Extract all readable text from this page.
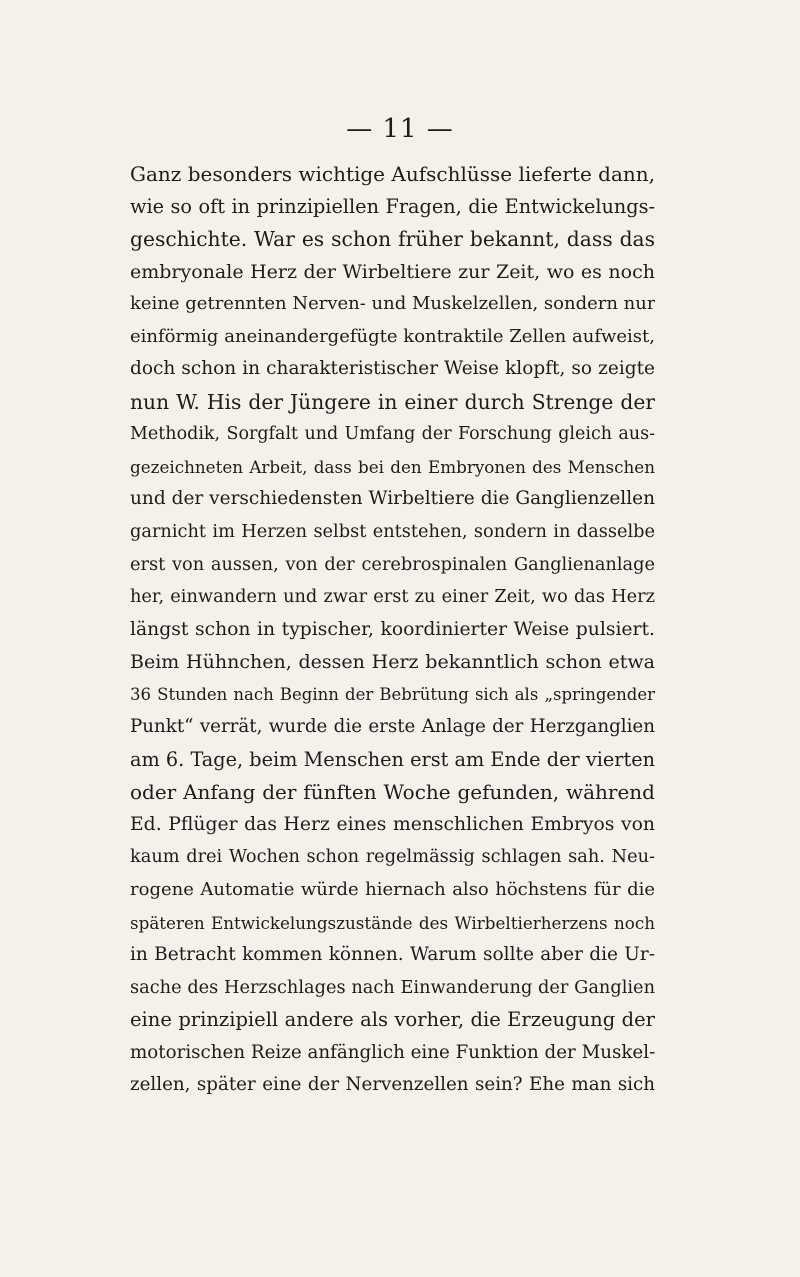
— 11 —
Ganz besonders wichtige Aufschlüsse lieferte dann,
wie so oft in prinzipiellen Fragen, die Entwickelungs-
geschichte. War es schon früher bekannt, dass das
embryonale Herz der Wirbeltiere zur Zeit, wo es noch
keine getrennten Nerven- und Muskelzellen, sondern nur
einförmig aneinandergefügte kontraktile Zellen aufweist,
doch schon in charakteristischer Weise klopft, so zeigte
nun W. His der Jüngere in einer durch Strenge der
Methodik, Sorgfalt und Umfang der Forschung gleich aus-
gezeichneten Arbeit, dass bei den Embryonen des Menschen
und der verschiedensten Wirbeltiere die Ganglienzellen
garnicht im Herzen selbst entstehen, sondern in dasselbe
erst von aussen, von der cerebrospinalen Ganglienanlage
her, einwandern und zwar erst zu einer Zeit, wo das Herz
längst schon in typischer, koordinierter Weise pulsiert.
Beim Hühnchen, dessen Herz bekanntlich schon etwa
36 Stunden nach Beginn der Bebrütung sich als „springender
Punkt“ verrät, wurde die erste Anlage der Herzganglien
am 6. Tage, beim Menschen erst am Ende der vierten
oder Anfang der fünften Woche gefunden, während
Ed. Pflüger das Herz eines menschlichen Embryos von
kaum drei Wochen schon regelmässig schlagen sah. Neu-
rogene Automatie würde hiernach also höchstens für die
späteren Entwickelungszustände des Wirbeltierherzens noch
in Betracht kommen können. Warum sollte aber die Ur-
sache des Herzschlages nach Einwanderung der Ganglien
eine prinzipiell andere als vorher, die Erzeugung der
motorischen Reize anfänglich eine Funktion der Muskel-
zellen, später eine der Nervenzellen sein? Ehe man sich
